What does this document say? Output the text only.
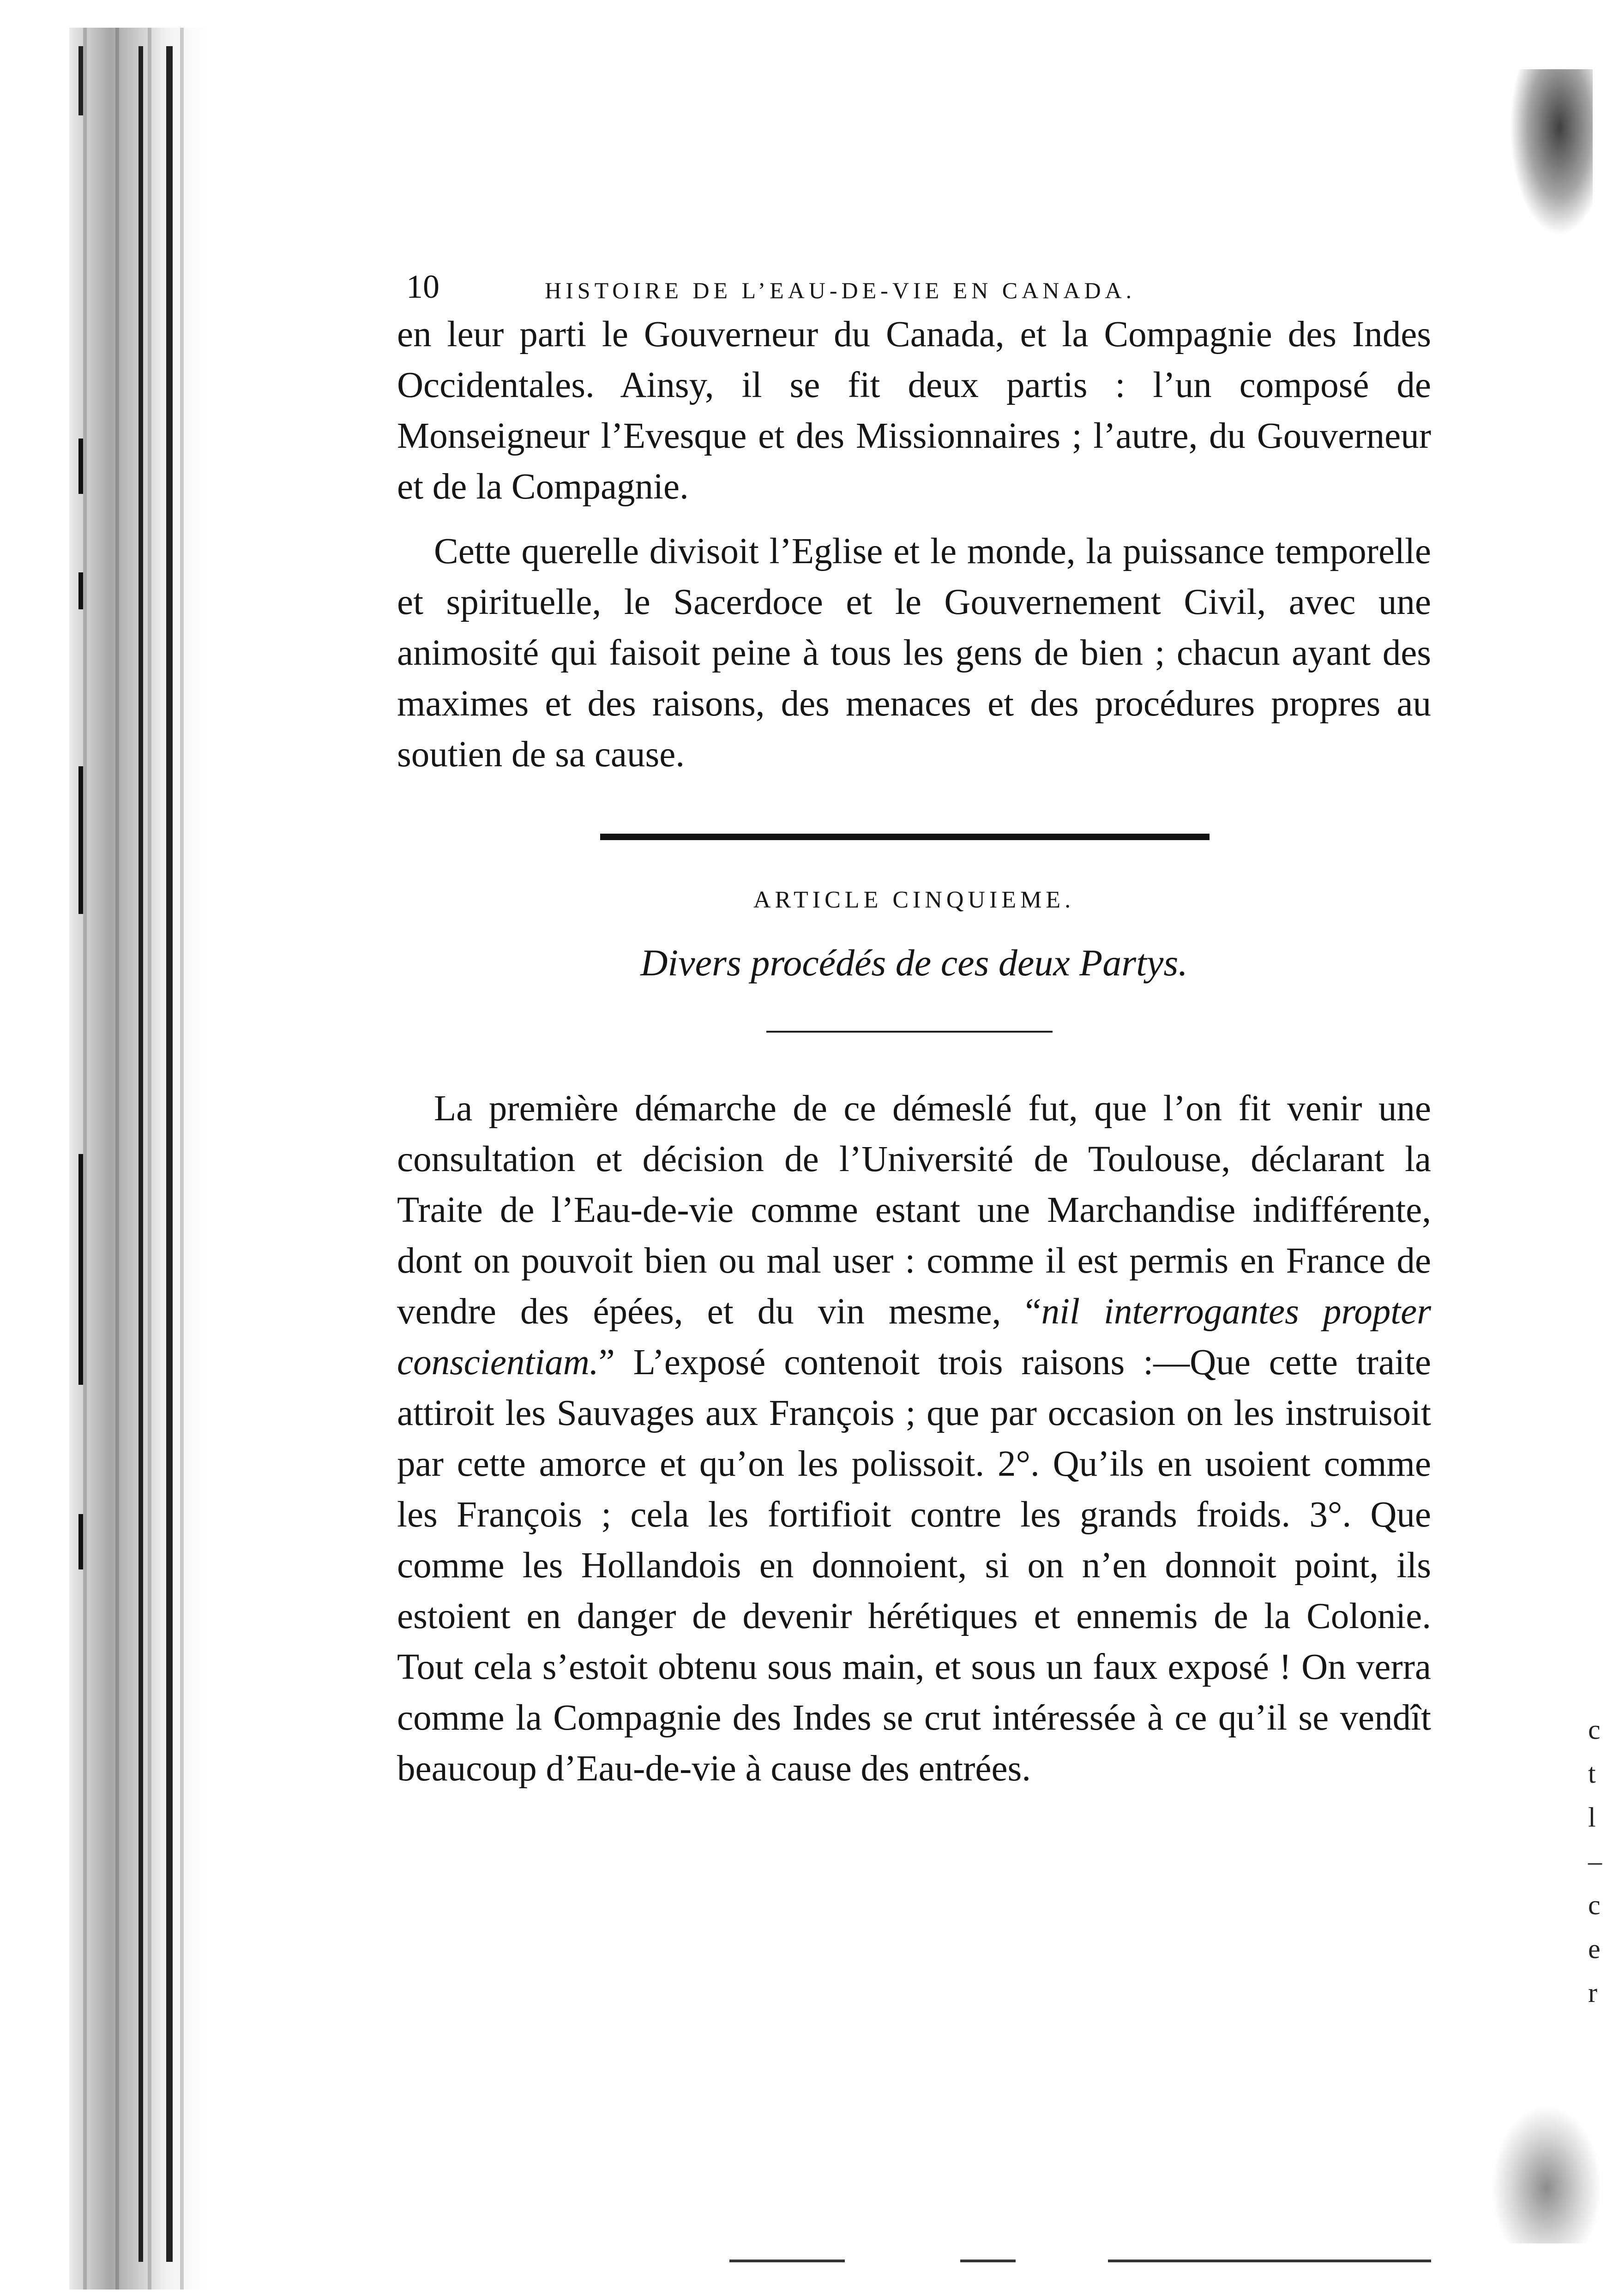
c
t
l
–
c
e
r
10	HISTOIRE DE L’EAU-DE-VIE EN CANADA.

en leur parti le Gouverneur du Canada, et la Compagnie des Indes Occidentales. Ainsy, il se fit deux partis : l’un composé de Monseigneur l’Evesque et des Missionnaires ; l’autre, du Gouverneur et de la Compagnie.

Cette querelle divisoit l’Eglise et le monde, la puissance temporelle et spirituelle, le Sacerdoce et le Gouvernement Civil, avec une animosité qui faisoit peine à tous les gens de bien ; chacun ayant des maximes et des raisons, des menaces et des procédures propres au soutien de sa cause.

ARTICLE CINQUIEME.
Divers procédés de ces deux Partys.

La première démarche de ce démeslé fut, que l’on fit venir une consultation et décision de l’Université de Toulouse, déclarant la Traite de l’Eau-de-vie comme estant une Marchandise indifférente, dont on pouvoit bien ou mal user : comme il est permis en France de vendre des épées, et du vin mesme, “nil interrogantes propter conscientiam.” L’exposé contenoit trois raisons :—Que cette traite attiroit les Sauvages aux François ; que par occasion on les instruisoit par cette amorce et qu’on les polissoit. 2°. Qu’ils en usoient comme les François ; cela les fortifioit contre les grands froids. 3°. Que comme les Hollandois en donnoient, si on n’en donnoit point, ils estoient en danger de devenir hérétiques et ennemis de la Colonie. Tout cela s’estoit obtenu sous main, et sous un faux exposé ! On verra comme la Compagnie des Indes se crut intéressée à ce qu’il se vendît beaucoup d’Eau-de-vie à cause des entrées.
